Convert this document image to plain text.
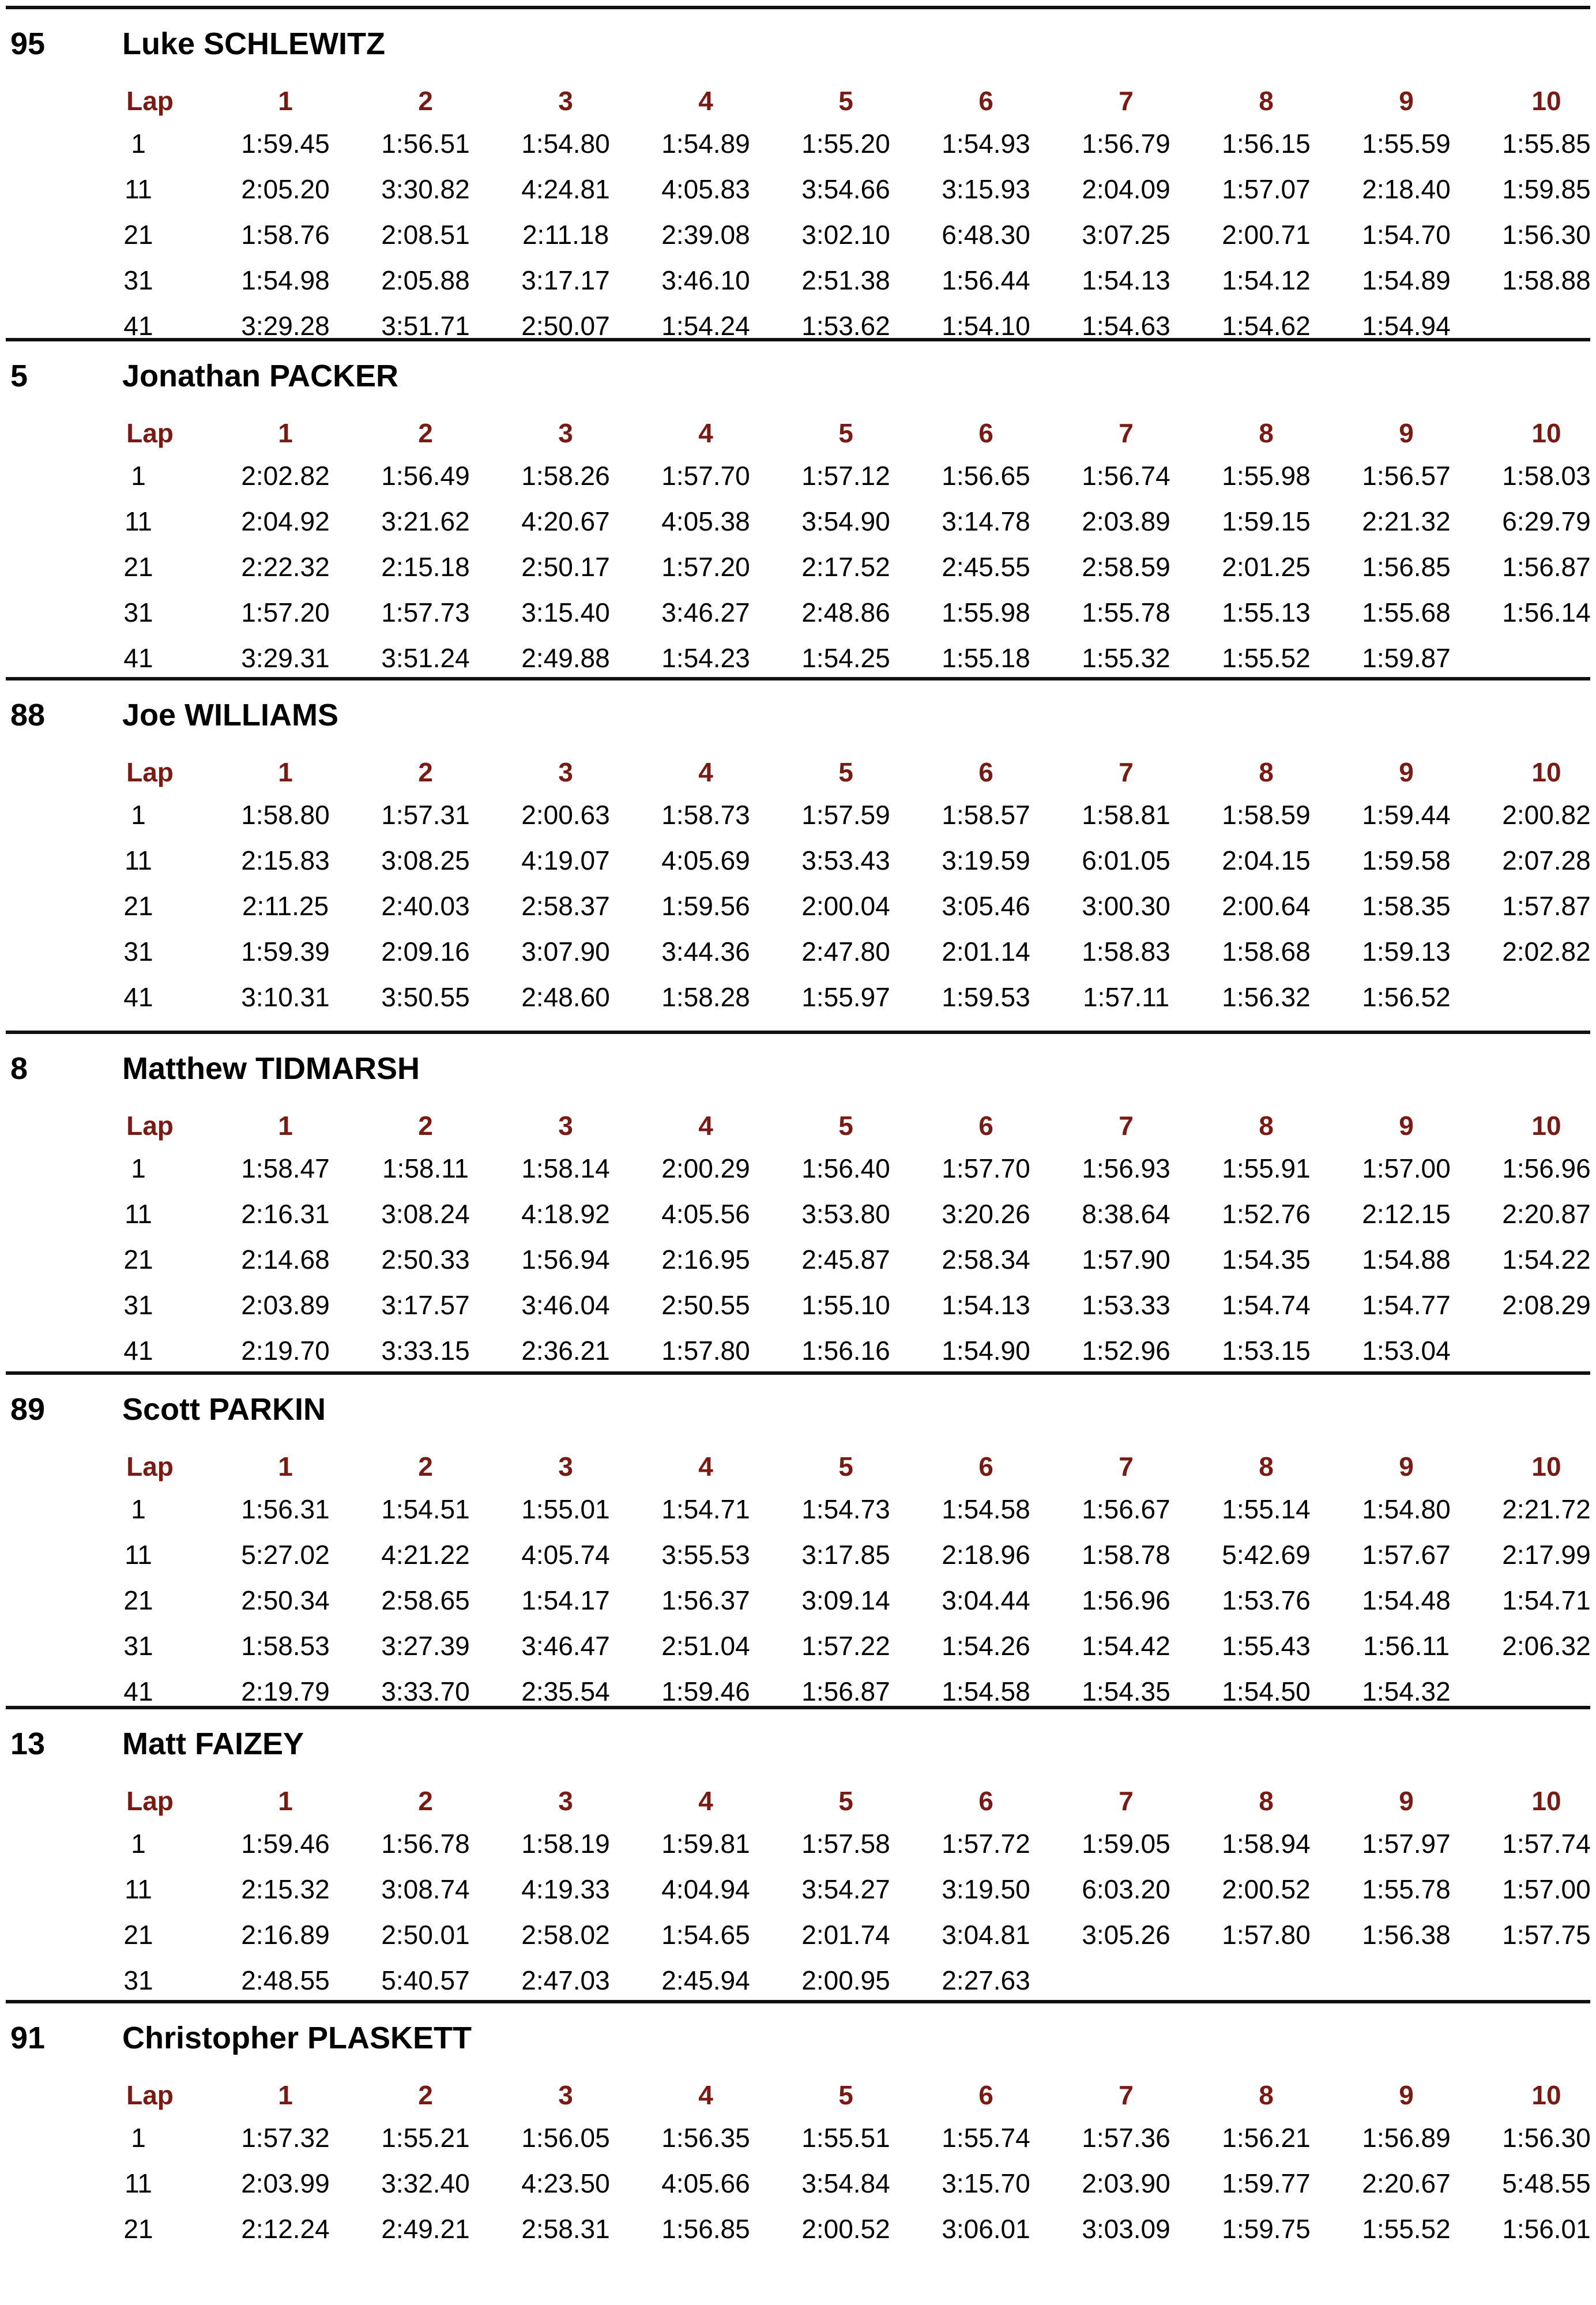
95 Luke SCHLEWITZ
Lap	1	2	3	4	5	6	7	8	9	10
1	1:59.45	1:56.51	1:54.80	1:54.89	1:55.20	1:54.93	1:56.79	1:56.15	1:55.59	1:55.85
11	2:05.20	3:30.82	4:24.81	4:05.83	3:54.66	3:15.93	2:04.09	1:57.07	2:18.40	1:59.85
21	1:58.76	2:08.51	2:11.18	2:39.08	3:02.10	6:48.30	3:07.25	2:00.71	1:54.70	1:56.30
31	1:54.98	2:05.88	3:17.17	3:46.10	2:51.38	1:56.44	1:54.13	1:54.12	1:54.89	1:58.88
41	3:29.28	3:51.71	2:50.07	1:54.24	1:53.62	1:54.10	1:54.63	1:54.62	1:54.94
5	Jonathan PACKER
Lap	1	2	3	4	5	6	7	8	9	10
1	2:02.82	1:56.49	1:58.26	1:57.70	1:57.12	1:56.65	1:56.74	1:55.98	1:56.57	1:58.03
11	2:04.92	3:21.62	4:20.67	4:05.38	3:54.90	3:14.78	2:03.89	1:59.15	2:21.32	6:29.79
21	2:22.32	2:15.18	2:50.17	1:57.20	2:17.52	2:45.55	2:58.59	2:01.25	1:56.85	1:56.87
31	1:57.20	1:57.73	3:15.40	3:46.27	2:48.86	1:55.98	1:55.78	1:55.13	1:55.68	1:56.14
41	3:29.31	3:51.24	2:49.88	1:54.23	1:54.25	1:55.18	1:55.32	1:55.52	1:59.87
88 Joe WILLIAMS
Lap	1	2	3	4	5	6	7	8	9	10
1	1:58.80	1:57.31	2:00.63	1:58.73	1:57.59	1:58.57	1:58.81	1:58.59	1:59.44	2:00.82
11	2:15.83	3:08.25	4:19.07	4:05.69	3:53.43	3:19.59	6:01.05	2:04.15	1:59.58	2:07.28
21	2:11.25	2:40.03	2:58.37	1:59.56	2:00.04	3:05.46	3:00.30	2:00.64	1:58.35	1:57.87
31	1:59.39	2:09.16	3:07.90	3:44.36	2:47.80	2:01.14	1:58.83	1:58.68	1:59.13	2:02.82
41	3:10.31	3:50.55	2:48.60	1:58.28	1:55.97	1:59.53	1:57.11	1:56.32	1:56.52
8	Matthew TIDMARSH
Lap	1	2	3	4	5	6	7	8	9	10
1	1:58.47	1:58.11	1:58.14	2:00.29	1:56.40	1:57.70	1:56.93	1:55.91	1:57.00	1:56.96
11	2:16.31	3:08.24	4:18.92	4:05.56	3:53.80	3:20.26	8:38.64	1:52.76	2:12.15	2:20.87
21	2:14.68	2:50.33	1:56.94	2:16.95	2:45.87	2:58.34	1:57.90	1:54.35	1:54.88	1:54.22
31	2:03.89	3:17.57	3:46.04	2:50.55	1:55.10	1:54.13	1:53.33	1:54.74	1:54.77	2:08.29
41	2:19.70	3:33.15	2:36.21	1:57.80	1:56.16	1:54.90	1:52.96	1:53.15	1:53.04
89 Scott PARKIN
Lap	1	2	3	4	5	6	7	8	9	10
1	1:56.31	1:54.51	1:55.01	1:54.71	1:54.73	1:54.58	1:56.67	1:55.14	1:54.80	2:21.72
11	5:27.02	4:21.22	4:05.74	3:55.53	3:17.85	2:18.96	1:58.78	5:42.69	1:57.67	2:17.99
21	2:50.34	2:58.65	1:54.17	1:56.37	3:09.14	3:04.44	1:56.96	1:53.76	1:54.48	1:54.71
31	1:58.53	3:27.39	3:46.47	2:51.04	1:57.22	1:54.26	1:54.42	1:55.43	1:56.11	2:06.32
41	2:19.79	3:33.70	2:35.54	1:59.46	1:56.87	1:54.58	1:54.35	1:54.50	1:54.32
13 Matt FAIZEY
Lap	1	2	3	4	5	6	7	8	9	10
1	1:59.46	1:56.78	1:58.19	1:59.81	1:57.58	1:57.72	1:59.05	1:58.94	1:57.97	1:57.74
11	2:15.32	3:08.74	4:19.33	4:04.94	3:54.27	3:19.50	6:03.20	2:00.52	1:55.78	1:57.00
21	2:16.89	2:50.01	2:58.02	1:54.65	2:01.74	3:04.81	3:05.26	1:57.80	1:56.38	1:57.75
31	2:48.55	5:40.57	2:47.03	2:45.94	2:00.95	2:27.63
91 Christopher PLASKETT
Lap	1	2	3	4	5	6	7	8	9	10
1	1:57.32	1:55.21	1:56.05	1:56.35	1:55.51	1:55.74	1:57.36	1:56.21	1:56.89	1:56.30
11	2:03.99	3:32.40	4:23.50	4:05.66	3:54.84	3:15.70	2:03.90	1:59.77	2:20.67	5:48.55
21	2:12.24	2:49.21	2:58.31	1:56.85	2:00.52	3:06.01	3:03.09	1:59.75	1:55.52	1:56.01
